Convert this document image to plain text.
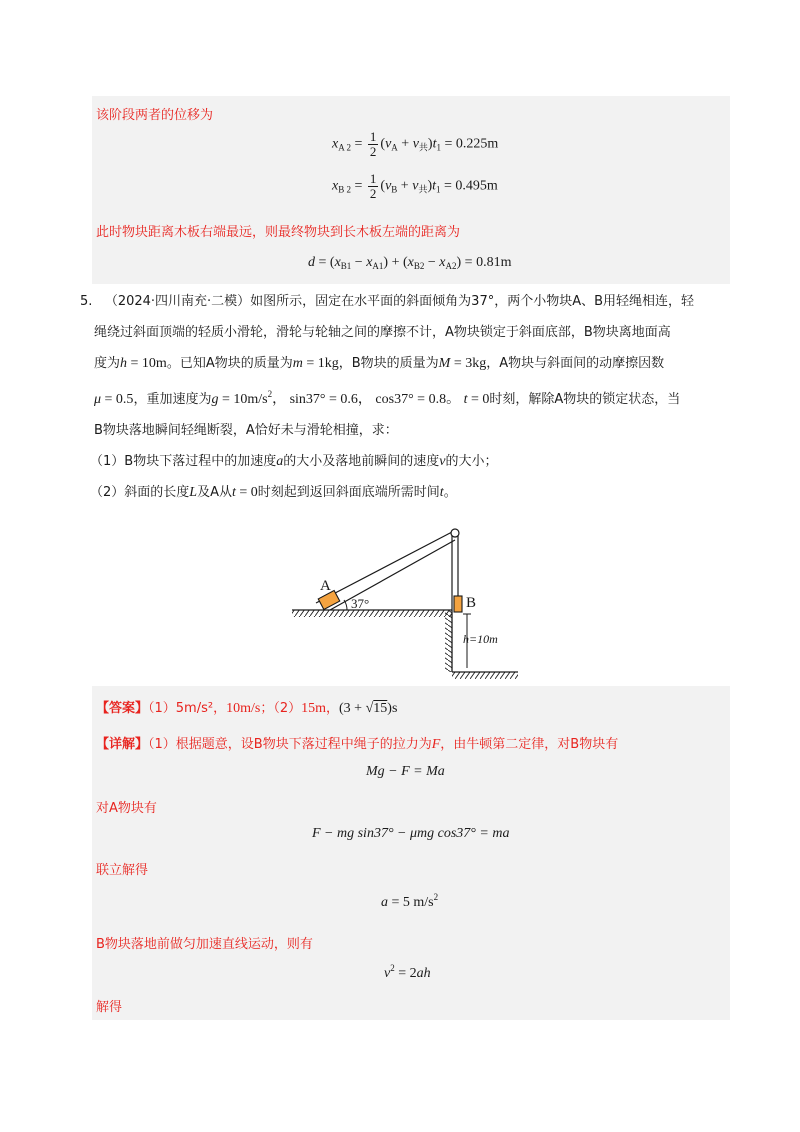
该阶段两者的位移为
$x_{A 2} = \frac{1}{2} (v_A + v_共)t_1 = 0.225m$
$x_{B 2} = \frac{1}{2} (v_B + v_共)t_1 = 0.495m$
此时物块距离木板右端最远，则最终物块到长木板左端的距离为
$d = (x_{B1} - x_{A1}) + (x_{B2} - x_{A2}) = 0.81m$

5. （2024·四川南充·二模）如图所示，固定在水平面的斜面倾角为37°，两个小物块A、B用轻绳相连，轻

绳绕过斜面顶端的轻质小滑轮，滑轮与轮轴之间的摩擦不计，A物块锁定于斜面底部，B物块离地面高

度为h = 10m。已知A物块的质量为m = 1kg，B物块的质量为M = 3kg，A物块与斜面间的动摩擦因数

μ = 0.5，重加速度为$g = 10m/s^2$， sin37° = 0.6， cos37° = 0.8。 t = 0时刻，解除A物块的锁定状态，当

B物块落地瞬间轻绳断裂，A恰好未与滑轮相撞，求：

（1）B物块下落过程中的加速度a的大小及落地前瞬间的速度v的大小；

（2）斜面的长度L及A从t = 0时刻起到返回斜面底端所需时间t。

A
B
37°
h=10m
【答案】（1）5m/s²，10m/s；（2）15m，(3 + √15)s
【详解】（1）根据题意，设B物块下落过程中绳子的拉力为F，由牛顿第二定律，对B物块有
Mg − F = Ma
对A物块有
F − mg sin37° − μmg cos37° = ma
联立解得
a = 5 $m/s^2$
B物块落地前做匀加速直线运动，则有
$v^2 = 2ah$
解得
